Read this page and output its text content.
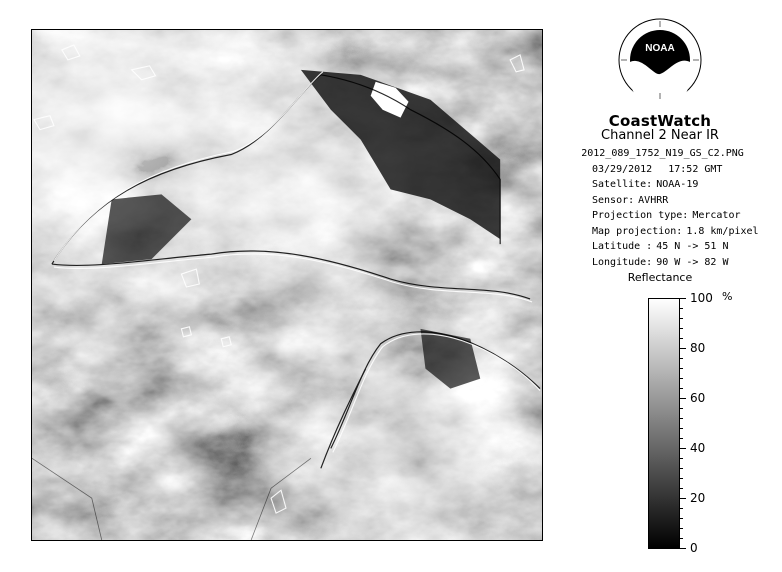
NOAA
CoastWatch
Channel 2 Near IR
2012_089_1752_N19_GS_C2.PNG
03/29/2012 17:52 GMT
Satellite: NOAA-19
Sensor: AVHRR
Projection type: Mercator
Map projection: 1.8 km/pixel
Latitude : 45 N -> 51 N
Longitude: 90 W -> 82 W
Reflectance
%
100
80
60
40
20
0
